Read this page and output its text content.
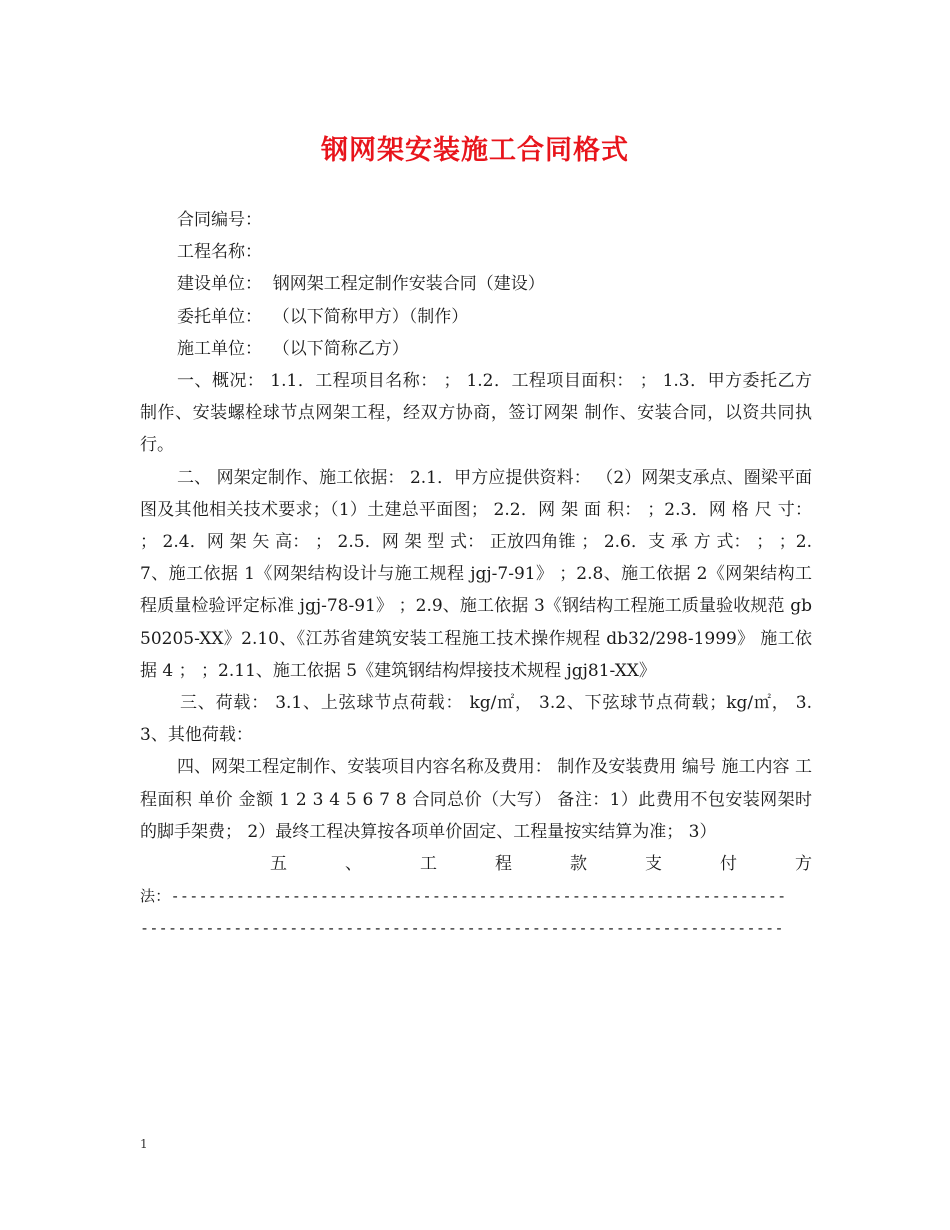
钢网架安装施工合同格式
合同编号：
工程名称：
建设单位：  钢网架工程定制作安装合同（建设）
委托单位：  （以下简称甲方）（制作）
施工单位：  （以下简称乙方）
一、概况： 1.1．工程项目名称： ； 1.2．工程项目面积： ； 1.3．甲方委托乙方制作、安装螺栓球节点网架工程，经双方协商，签订网架 制作、安装合同，以资共同执行。
二、 网架定制作、施工依据： 2.1．甲方应提供资料： （2）网架支承点、圈梁平面图及其他相关技术要求；（1）土建总平面图； 2.2．网 架 面 积： ；2.3．网 格 尺 寸： ； 2.4．网 架 矢 高： ； 2.5．网 架 型 式： 正放四角锥 ； 2.6．支 承 方 式： ； ；2.7、施工依据 1《网架结构设计与施工规程 jgj-7-91》 ；2.8、施工依据 2《网架结构工程质量检验评定标准 jgj-78-91》 ；2.9、施工依据 3《钢结构工程施工质量验收规范 gb50205-XX》2.10、《江苏省建筑安装工程施工技术操作规程 db32/298-1999》 施工依据 4 ； ；2.11、施工依据 5《建筑钢结构焊接技术规程 jgj81-XX》
三、荷载： 3.1、上弦球节点荷载： kg/㎡， 3.2、下弦球节点荷载；kg/㎡， 3.3、其他荷载：
四、网架工程定制作、安装项目内容名称及费用： 制作及安装费用 编号 施工内容 工程面积 单价 金额 1 2 3 4 5 6 7 8 合同总价（大写） 备注：1）此费用不包安装网架时的脚手架费； 2）最终工程决算按各项单价固定、工程量按实结算为准； 3）
五	、	工	程	款	支	付	方
法：------------------------------------------------------------------
---------------------------------------------------------------------
1
